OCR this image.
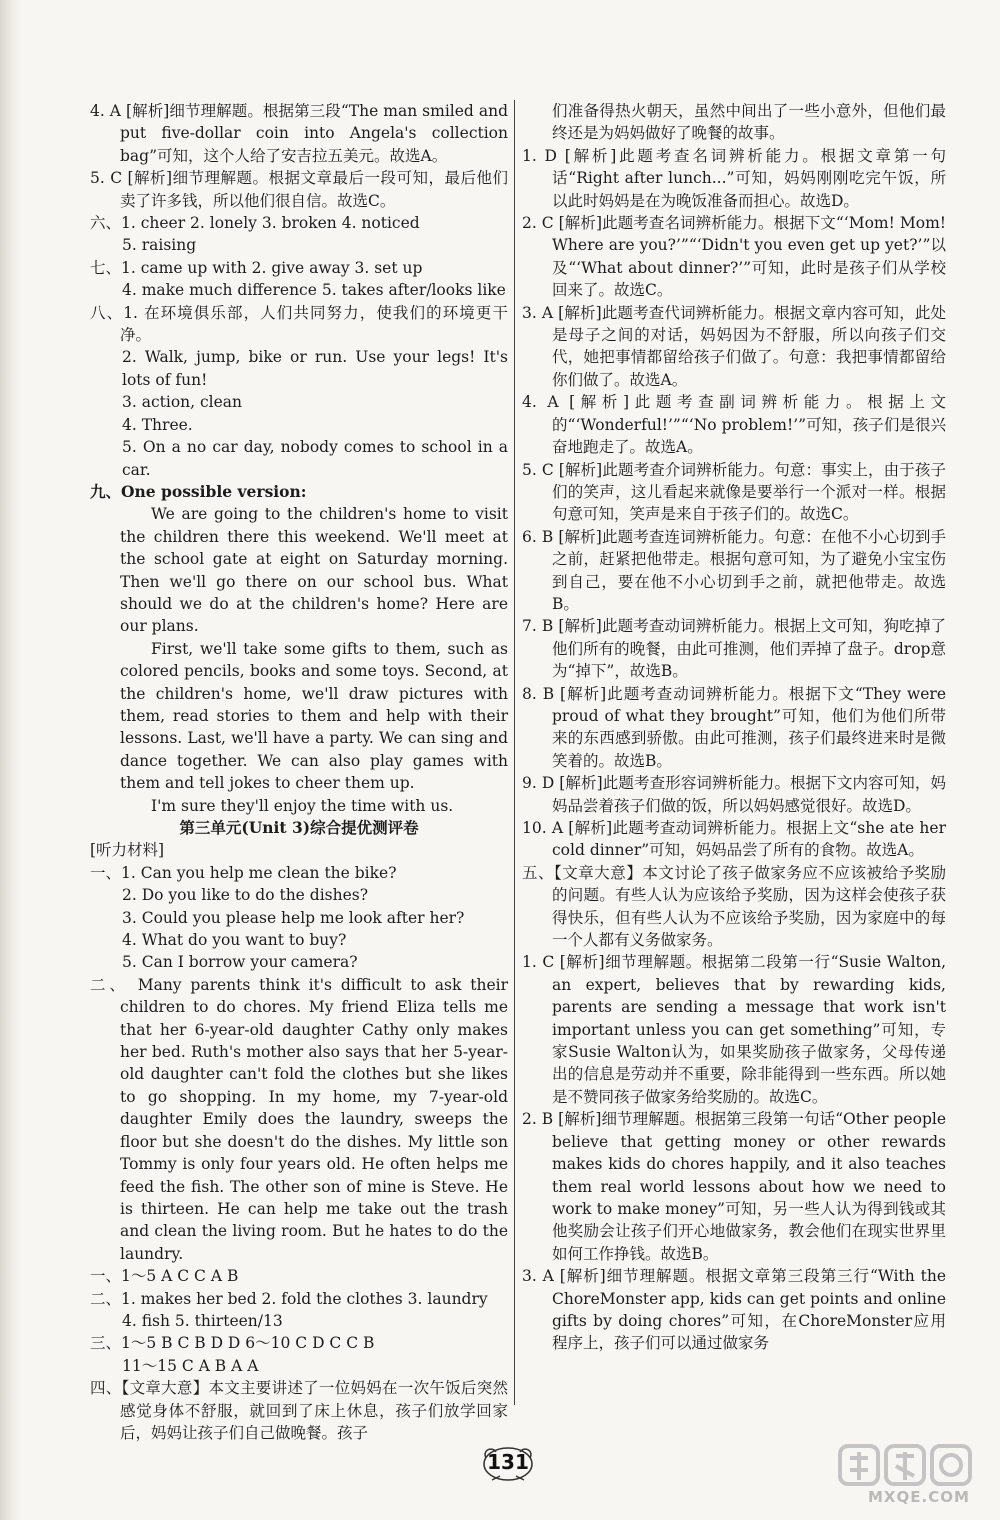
4. A [解析]细节理解题。根据第三段“The man smiled and put five-dollar coin into Angela's collection bag”可知，这个人给了安吉拉五美元。故选A。

5. C [解析]细节理解题。根据文章最后一段可知，最后他们卖了许多钱，所以他们很自信。故选C。

六、1. cheer 2. lonely 3. broken 4. noticed

5. raising

七、1. came up with 2. give away 3. set up

4. make much difference 5. takes after/looks like

八、1. 在环境俱乐部，人们共同努力，使我们的环境更干净。

2. Walk, jump, bike or run. Use your legs! It's lots of fun!

3. action, clean

4. Three.

5. On a no car day, nobody comes to school in a car.

九、One possible version:

We are going to the children's home to visit the children there this weekend. We'll meet at the school gate at eight on Saturday morning. Then we'll go there on our school bus. What should we do at the children's home? Here are our plans.

First, we'll take some gifts to them, such as colored pencils, books and some toys. Second, at the children's home, we'll draw pictures with them, read stories to them and help with their lessons. Last, we'll have a party. We can sing and dance together. We can also play games with them and tell jokes to cheer them up.

I'm sure they'll enjoy the time with us.

第三单元(Unit 3)综合提优测评卷

[听力材料]

一、1. Can you help me clean the bike?

2. Do you like to do the dishes?

3. Could you please help me look after her?

4. What do you want to buy?

5. Can I borrow your camera?

二、 Many parents think it's difficult to ask their children to do chores. My friend Eliza tells me that her 6-year-old daughter Cathy only makes her bed. Ruth's mother also says that her 5-year-old daughter can't fold the clothes but she likes to go shopping. In my home, my 7-year-old daughter Emily does the laundry, sweeps the floor but she doesn't do the dishes. My little son Tommy is only four years old. He often helps me feed the fish. The other son of mine is Steve. He is thirteen. He can help me take out the trash and clean the living room. But he hates to do the laundry.

一、1～5 A C C A B

二、1. makes her bed 2. fold the clothes 3. laundry

4. fish 5. thirteen/13

三、1～5 B C B D D 6～10 C D C C B

11～15 C A B A A

四、【文章大意】本文主要讲述了一位妈妈在一次午饭后突然感觉身体不舒服，就回到了床上休息，孩子们放学回家后，妈妈让孩子们自己做晚餐。孩子

们准备得热火朝天，虽然中间出了一些小意外，但他们最终还是为妈妈做好了晚餐的故事。

1. D [解析]此题考查名词辨析能力。根据文章第一句话“Right after lunch...”可知，妈妈刚刚吃完午饭，所以此时妈妈是在为晚饭准备而担心。故选D。

2. C [解析]此题考查名词辨析能力。根据下文“‘Mom! Mom! Where are you?’”“‘Didn't you even get up yet?’”以及“‘What about dinner?’”可知，此时是孩子们从学校回来了。故选C。

3. A [解析]此题考查代词辨析能力。根据文章内容可知，此处是母子之间的对话，妈妈因为不舒服，所以向孩子们交代，她把事情都留给孩子们做了。句意：我把事情都留给你们做了。故选A。

4. A [解析]此题考查副词辨析能力。根据上文的“‘Wonderful!’”“‘No problem!’”可知，孩子们是很兴奋地跑走了。故选A。

5. C [解析]此题考查介词辨析能力。句意：事实上，由于孩子们的笑声，这儿看起来就像是要举行一个派对一样。根据句意可知，笑声是来自于孩子们的。故选C。

6. B [解析]此题考查连词辨析能力。句意：在他不小心切到手之前，赶紧把他带走。根据句意可知，为了避免小宝宝伤到自己，要在他不小心切到手之前，就把他带走。故选B。

7. B [解析]此题考查动词辨析能力。根据上文可知，狗吃掉了他们所有的晚餐，由此可推测，他们弄掉了盘子。drop意为“掉下”，故选B。

8. B [解析]此题考查动词辨析能力。根据下文“They were proud of what they brought”可知，他们为他们所带来的东西感到骄傲。由此可推测，孩子们最终进来时是微笑着的。故选B。

9. D [解析]此题考查形容词辨析能力。根据下文内容可知，妈妈品尝着孩子们做的饭，所以妈妈感觉很好。故选D。

10. A [解析]此题考查动词辨析能力。根据上文“she ate her cold dinner”可知，妈妈品尝了所有的食物。故选A。

五、【文章大意】本文讨论了孩子做家务应不应该被给予奖励的问题。有些人认为应该给予奖励，因为这样会使孩子获得快乐，但有些人认为不应该给予奖励，因为家庭中的每一个人都有义务做家务。

1. C [解析]细节理解题。根据第二段第一行“Susie Walton, an expert, believes that by rewarding kids, parents are sending a message that work isn't important unless you can get something”可知，专家Susie Walton认为，如果奖励孩子做家务，父母传递出的信息是劳动并不重要，除非能得到一些东西。所以她是不赞同孩子做家务给奖励的。故选C。

2. B [解析]细节理解题。根据第三段第一句话“Other people believe that getting money or other rewards makes kids do chores happily, and it also teaches them real world lessons about how we need to work to make money”可知，另一些人认为得到钱或其他奖励会让孩子们开心地做家务，教会他们在现实世界里如何工作挣钱。故选B。

3. A [解析]细节理解题。根据文章第三段第三行“With the ChoreMonster app, kids can get points and online gifts by doing chores”可知，在ChoreMonster应用程序上，孩子们可以通过做家务

131
MXQE.COM
